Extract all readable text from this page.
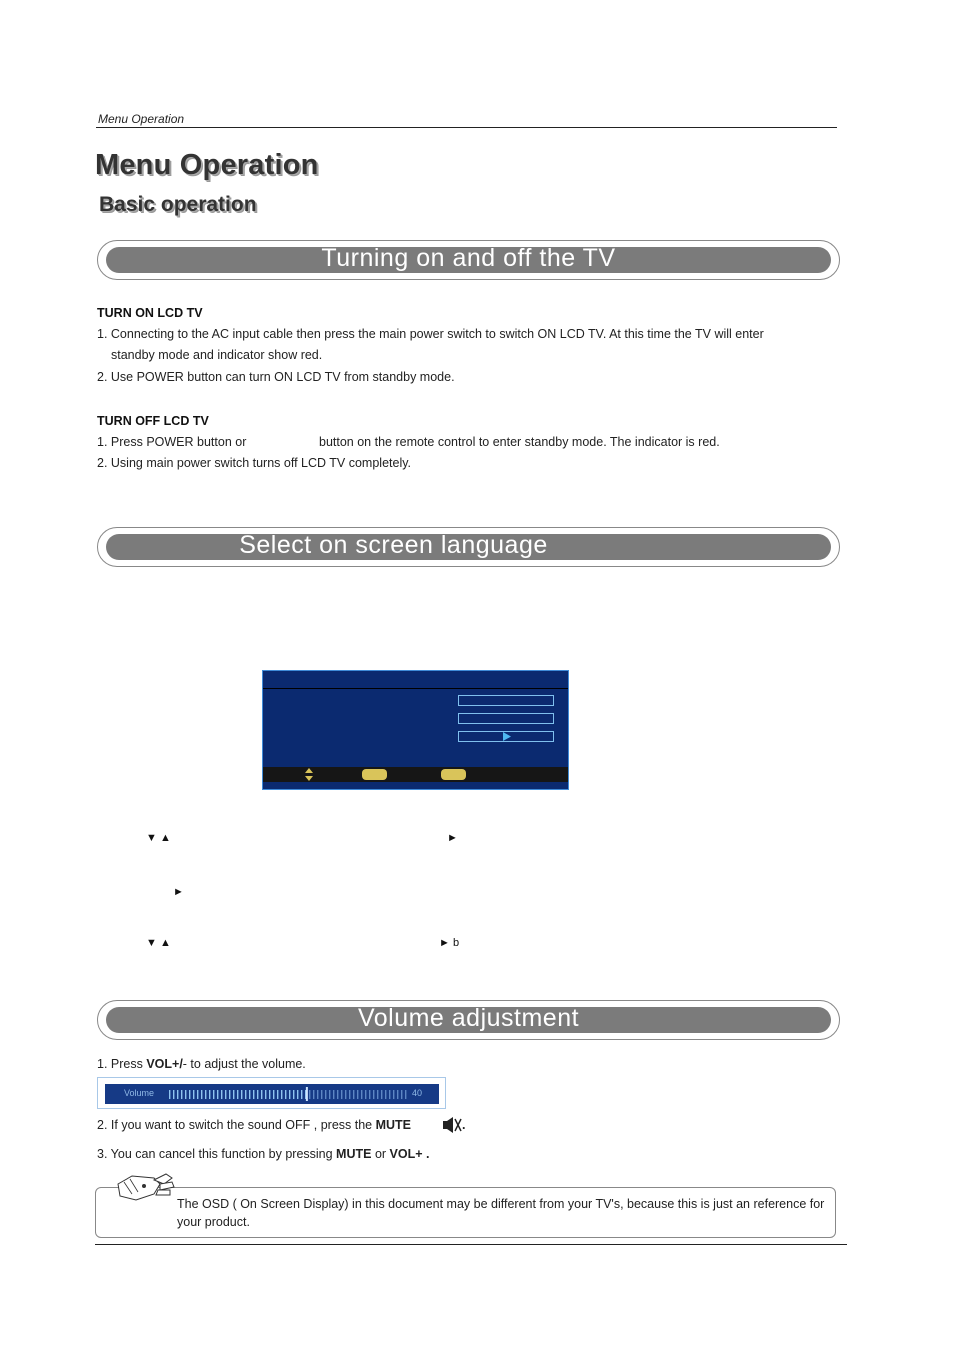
Menu Operation
Menu Operation
Basic operation
Turning on and off the TV
TURN ON LCD TV
1. Connecting to the AC input cable then press the main power switch to switch ON LCD TV. At this time the TV will enter
standby mode and indicator show red.
2. Use POWER button can turn ON LCD TV from standby mode.
TURN OFF LCD TV
1. Press POWER button or	button on the remote control to enter standby mode. The indicator is red.
2. Using main power switch turns off LCD TV completely.
Select on screen language
▼ ▲	►
►
▼ ▲	► b
Volume adjustment
1. Press VOL+/- to adjust the volume.
Volume	40
2. If you want to switch the sound OFF , press the MUTE	.
3. You can cancel this function by pressing MUTE or VOL+ .
The OSD ( On Screen Display) in this document may be different from your TV's, because this is just an reference for your product.
